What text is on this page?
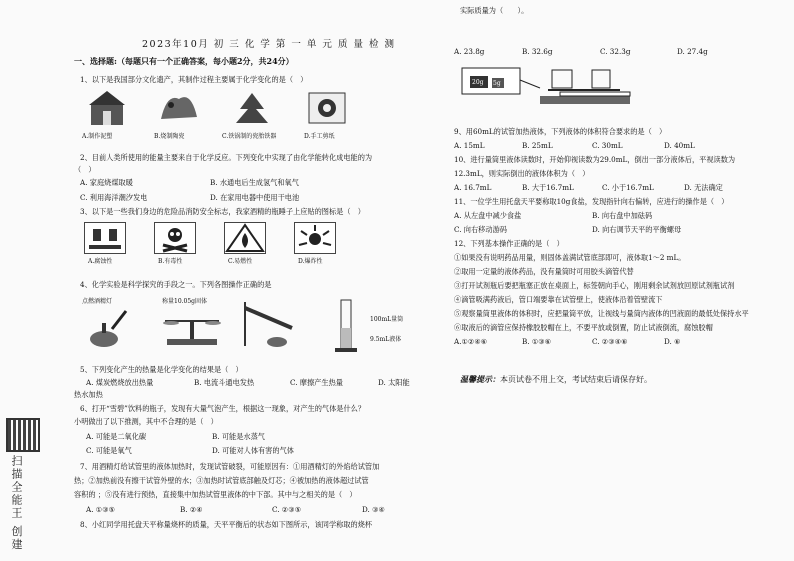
扫描全能王 创建
2023年10月 初 三 化 学 第 一 单 元 质 量 检 测
一、选择题:（每题只有一个正确答案，每小题2分，共24分）
1、以下是我国部分文化遗产，其制作过程主要属于化学变化的是（　）
A.制作泥塑	B.烧制陶瓷	C.铁锅制的瓷胎铁器	D.手工剪纸
2、目前人类所使用的能量主要来自于化学反应。下列变化中实现了由化学能转化成电能的为
（　）
A. 家庭烧煤取暖	B. 水通电后生成氢气和氧气
C. 利用海洋潮汐发电	D. 在家用电器中使用干电池
3、以下是一些我们身边的危险品消防安全标志，我家酒精的瓶睡子上应贴的图标是（　）
A.腐蚀性	B.有毒性	C.易燃性	D.爆炸性
4、化学实验是科学探究的手段之一。下列各图操作正确的是
点燃酒精灯	称量10.05g固体
100mL量筒
9.5mL液体
5、下列变化产生的热量是化学变化的结果是（　）
A. 煤炭燃烧放出热量	B. 电流斗通电发热	C. 摩擦产生热量	D. 太阳能
热水加热
6、打开“雪碧”饮料的瓶子，发现有大量气泡产生，根据这一现象，对产生的气体是什么？
小明做出了以下推测，其中不合理的是（　）
A. 可能是二氧化碳	B. 可能是水蒸气
C. 可能是氧气	D. 可能对人体有害的气体
7、用酒精灯给试管里的液体加热时，发现试管破裂，可能原因有：①用酒精灯的外焰给试管加
热；②加热前没有擦干试管外壁的水；③加热时试管底部触及灯芯；④被加热的液体超过试管
容积的 ；⑤没有进行预热，直接集中加热试管里液体的中下部。其中与之相关的是（　）
A. ①③⑤	B. ②④	C. ②③⑤	D. ③④
8、小红同学用托盘天平称量烧杯的质量，天平平衡后的状态如下图所示，该同学称取的烧杯
实际质量为（　　）。
A. 23.8g	B. 32.6g	C. 32.3g	D. 27.4g
20g 5g
9、用60mL的试管加热液体，下列液体的体积符合要求的是（　）
A. 15mL	B. 25mL	C. 30mL	D. 40mL
10、进行量筒里液体读数时，开始仰视读数为29.0mL，倒出一部分液体后，平视读数为
12.3mL，则实际倒出的液体体积为（　）
A. 16.7mL	B. 大于16.7mL	C. 小于16.7mL	D. 无法确定
11、一位学生用托盘天平要称取10g食盐，发现指针向右偏转，应进行的操作是（　）
A. 从左盘中减少食盐	B. 向右盘中加砝码
C. 向右移动游码	D. 向右调节天平的平衡螺母
12、下列基本操作正确的是（　）
①如果没有说明药品用量，则固体盖满试管底部即可，液体取1～2 mL。
②取用一定量的液体药品，没有量筒时可用胶头滴管代替
③打开试剂瓶后要把瓶塞正放在桌面上，标签朝向手心，刚用剩余试剂放回原试剂瓶试剂
④滴管吸满药液后，管口端要靠在试管壁上，使液体沿着管壁流下
⑤观察量筒里液体的体积时，应把量筒平放，让视线与量筒内液体的凹液面的最低处保持水平
⑥取液后的滴管应保持橡胶胶帽在上，不要平放或倒置，防止试液倒流，腐蚀胶帽
A.①②④⑥	B. ①③⑥	C. ②③④⑥	D. ⑥
温馨提示：本页试卷不用上交，考试结束后请保存好。
